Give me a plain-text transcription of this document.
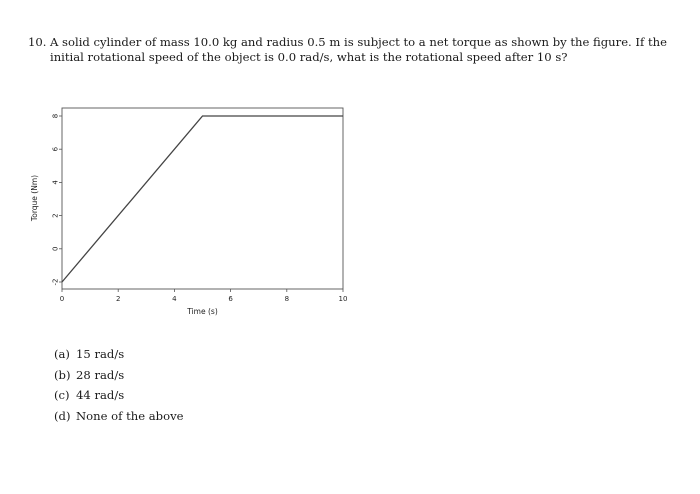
10. A solid cylinder of mass 10.0 kg and radius 0.5 m is subject to a net torque as shown by the figure. If the
initial rotational speed of the object is 0.0 rad/s, what is the rotational speed after 10 s?
0	2	4	6	8	10
-2
0
2
4
6
8
Time (s)
Torque (Nm)
(a) 15 rad/s
(b) 28 rad/s
(c) 44 rad/s
(d) None of the above
